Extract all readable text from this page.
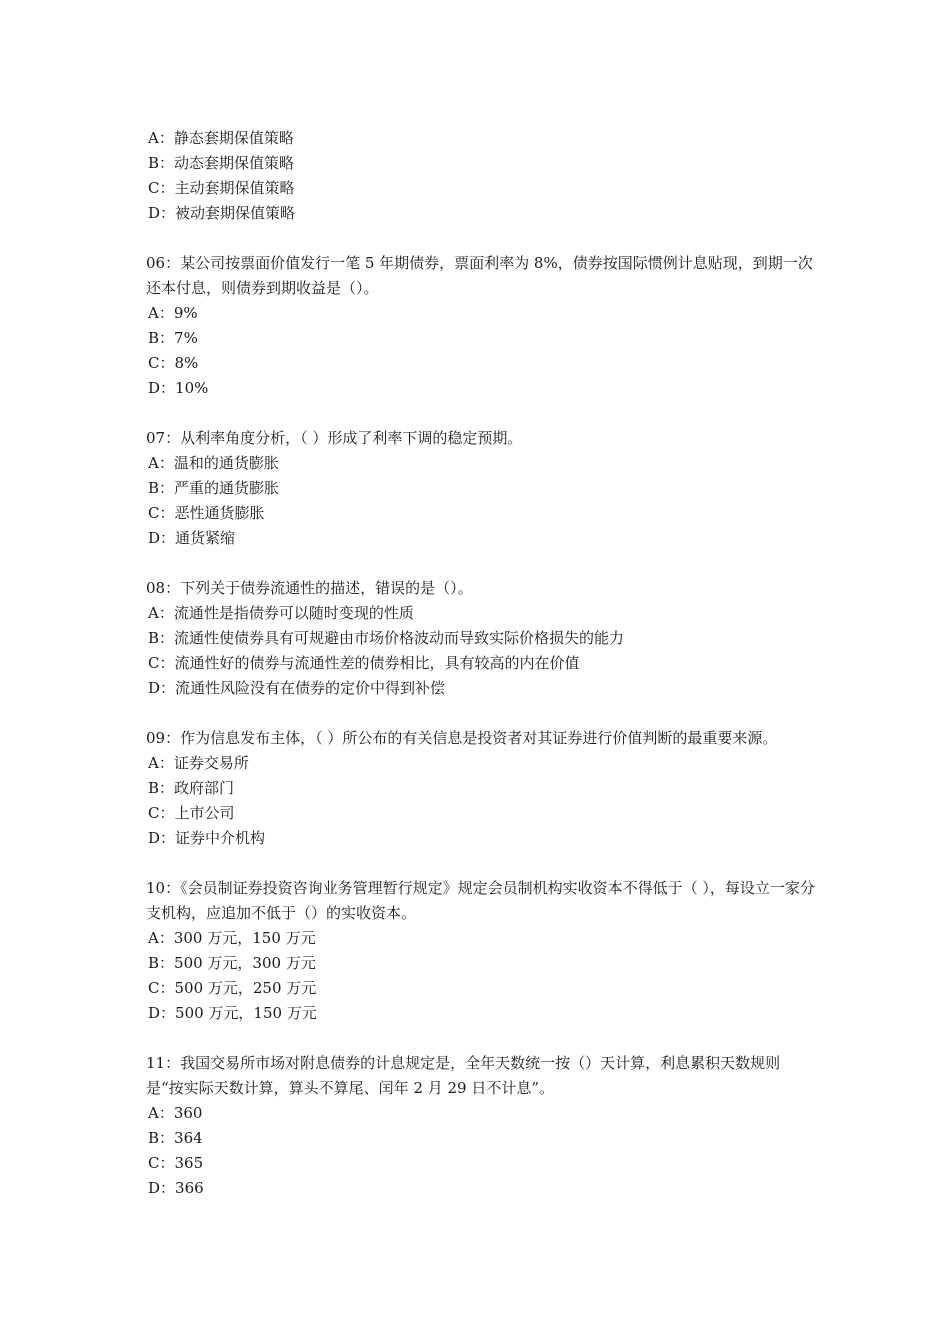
A：静态套期保值策略

B：动态套期保值策略

C：主动套期保值策略

D：被动套期保值策略

06：某公司按票面价值发行一笔 5 年期债券，票面利率为 8%，债券按国际惯例计息贴现，到期一次还本付息，则债券到期收益是（）。

A：9%

B：7%

C：8%

D：10%

07：从利率角度分析，（ ）形成了利率下调的稳定预期。

A：温和的通货膨胀

B：严重的通货膨胀

C：恶性通货膨胀

D：通货紧缩

08：下列关于债券流通性的描述，错误的是（）。

A：流通性是指债券可以随时变现的性质

B：流通性使债券具有可规避由市场价格波动而导致实际价格损失的能力

C：流通性好的债券与流通性差的债券相比，具有较高的内在价值

D：流通性风险没有在债券的定价中得到补偿

09：作为信息发布主体，（ ）所公布的有关信息是投资者对其证券进行价值判断的最重要来源。

A：证券交易所

B：政府部门

C：上市公司

D：证券中介机构

10：《会员制证券投资咨询业务管理暂行规定》规定会员制机构实收资本不得低于（ ），每设立一家分支机构，应追加不低于（）的实收资本。

A：300 万元，150 万元

B：500 万元，300 万元

C：500 万元，250 万元

D：500 万元，150 万元

11：我国交易所市场对附息债券的计息规定是，全年天数统一按（）天计算，利息累积天数规则是“按实际天数计算，算头不算尾、闰年 2 月 29 日不计息”。

A：360

B：364

C：365

D：366
